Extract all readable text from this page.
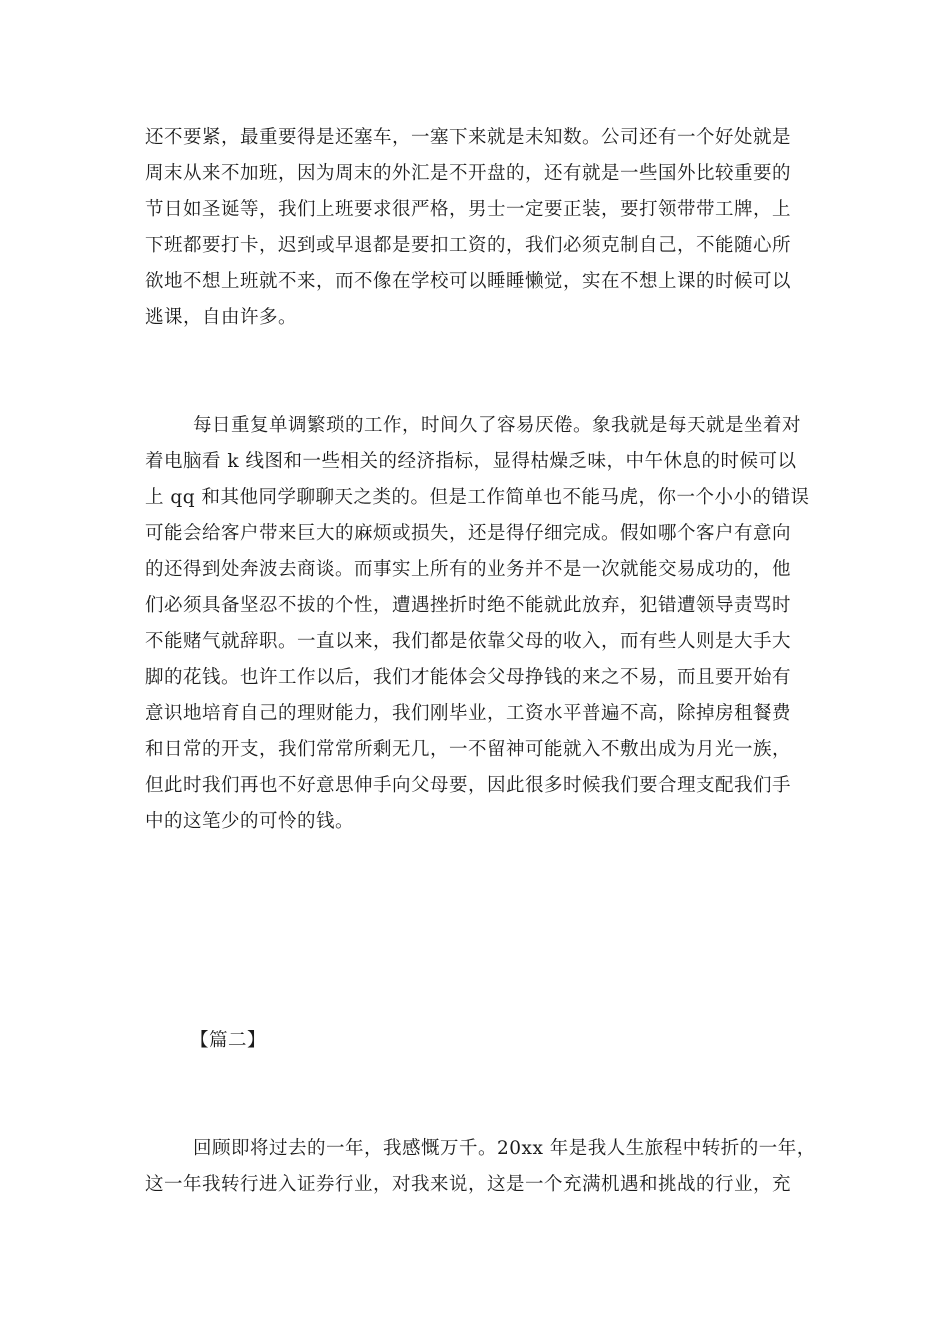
还不要紧，最重要得是还塞车，一塞下来就是未知数。公司还有一个好处就是

周末从来不加班，因为周末的外汇是不开盘的，还有就是一些国外比较重要的

节日如圣诞等，我们上班要求很严格，男士一定要正装，要打领带带工牌，上

下班都要打卡，迟到或早退都是要扣工资的，我们必须克制自己，不能随心所

欲地不想上班就不来，而不像在学校可以睡睡懒觉，实在不想上课的时候可以

逃课，自由许多。

每日重复单调繁琐的工作，时间久了容易厌倦。象我就是每天就是坐着对

着电脑看 k 线图和一些相关的经济指标，显得枯燥乏味，中午休息的时候可以

上 qq 和其他同学聊聊天之类的。但是工作简单也不能马虎，你一个小小的错误

可能会给客户带来巨大的麻烦或损失，还是得仔细完成。假如哪个客户有意向

的还得到处奔波去商谈。而事实上所有的业务并不是一次就能交易成功的，他

们必须具备坚忍不拔的个性，遭遇挫折时绝不能就此放弃，犯错遭领导责骂时

不能赌气就辞职。一直以来，我们都是依靠父母的收入，而有些人则是大手大

脚的花钱。也许工作以后，我们才能体会父母挣钱的来之不易，而且要开始有

意识地培育自己的理财能力，我们刚毕业，工资水平普遍不高，除掉房租餐费

和日常的开支，我们常常所剩无几，一不留神可能就入不敷出成为月光一族，

但此时我们再也不好意思伸手向父母要，因此很多时候我们要合理支配我们手

中的这笔少的可怜的钱。

【篇二】

回顾即将过去的一年，我感慨万千。20xx 年是我人生旅程中转折的一年，

这一年我转行进入证券行业，对我来说，这是一个充满机遇和挑战的行业，充
